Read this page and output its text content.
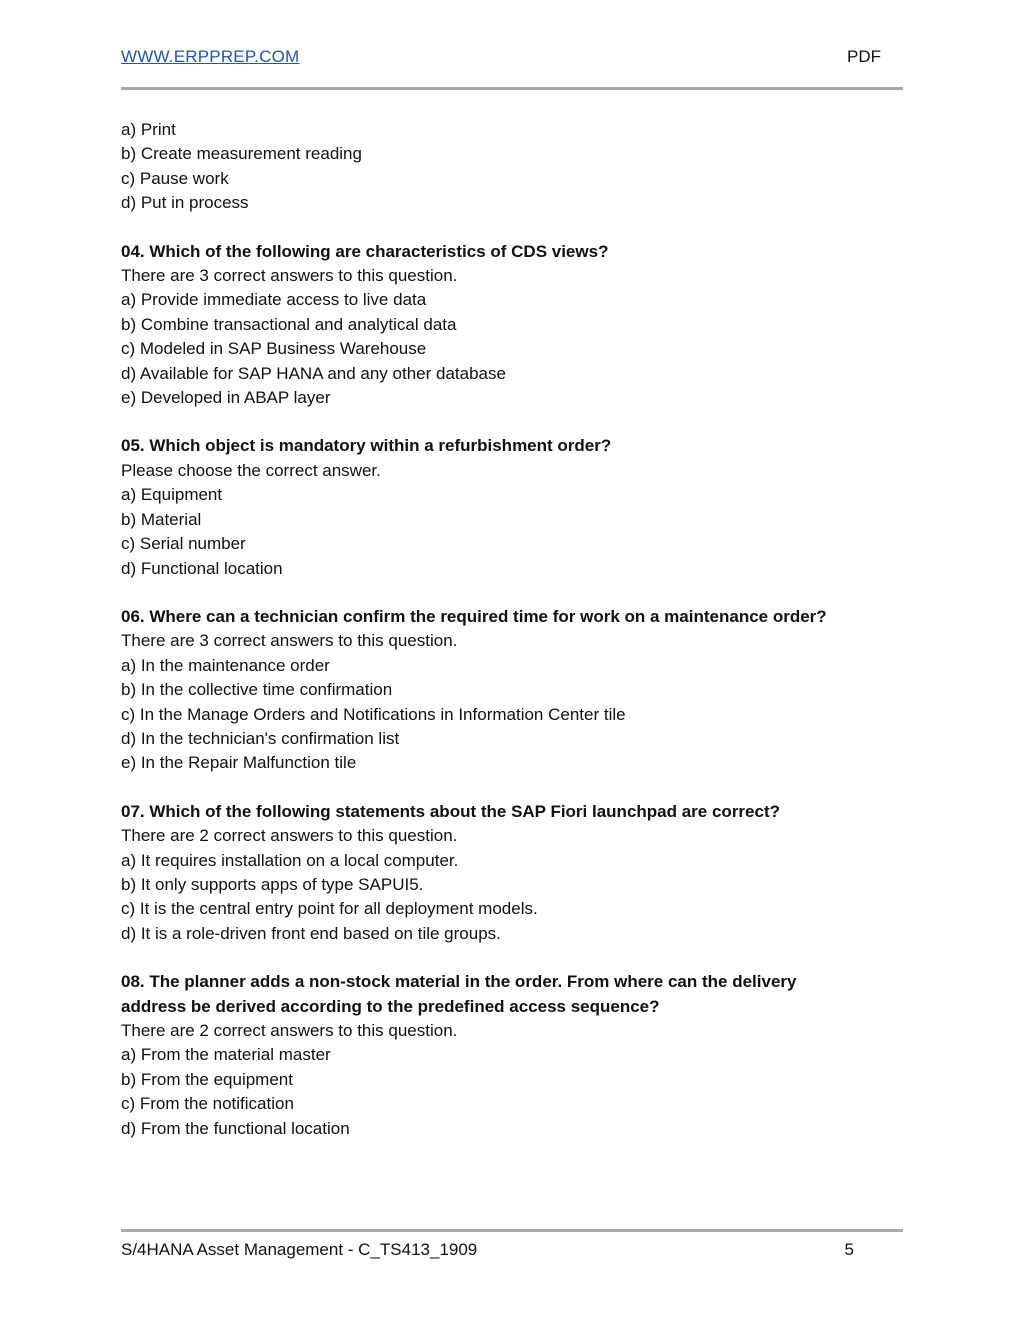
WWW.ERPPREP.COM	PDF
a) Print
b) Create measurement reading
c) Pause work
d) Put in process
04. Which of the following are characteristics of CDS views?
There are 3 correct answers to this question.
a) Provide immediate access to live data
b) Combine transactional and analytical data
c) Modeled in SAP Business Warehouse
d) Available for SAP HANA and any other database
e) Developed in ABAP layer
05. Which object is mandatory within a refurbishment order?
Please choose the correct answer.
a) Equipment
b) Material
c) Serial number
d) Functional location
06. Where can a technician confirm the required time for work on a maintenance order?
There are 3 correct answers to this question.
a) In the maintenance order
b) In the collective time confirmation
c) In the Manage Orders and Notifications in Information Center tile
d) In the technician's confirmation list
e) In the Repair Malfunction tile
07. Which of the following statements about the SAP Fiori launchpad are correct?
There are 2 correct answers to this question.
a) It requires installation on a local computer.
b) It only supports apps of type SAPUI5.
c) It is the central entry point for all deployment models.
d) It is a role-driven front end based on tile groups.
08. The planner adds a non-stock material in the order. From where can the delivery
address be derived according to the predefined access sequence?
There are 2 correct answers to this question.
a) From the material master
b) From the equipment
c) From the notification
d) From the functional location
S/4HANA Asset Management - C_TS413_1909	5
